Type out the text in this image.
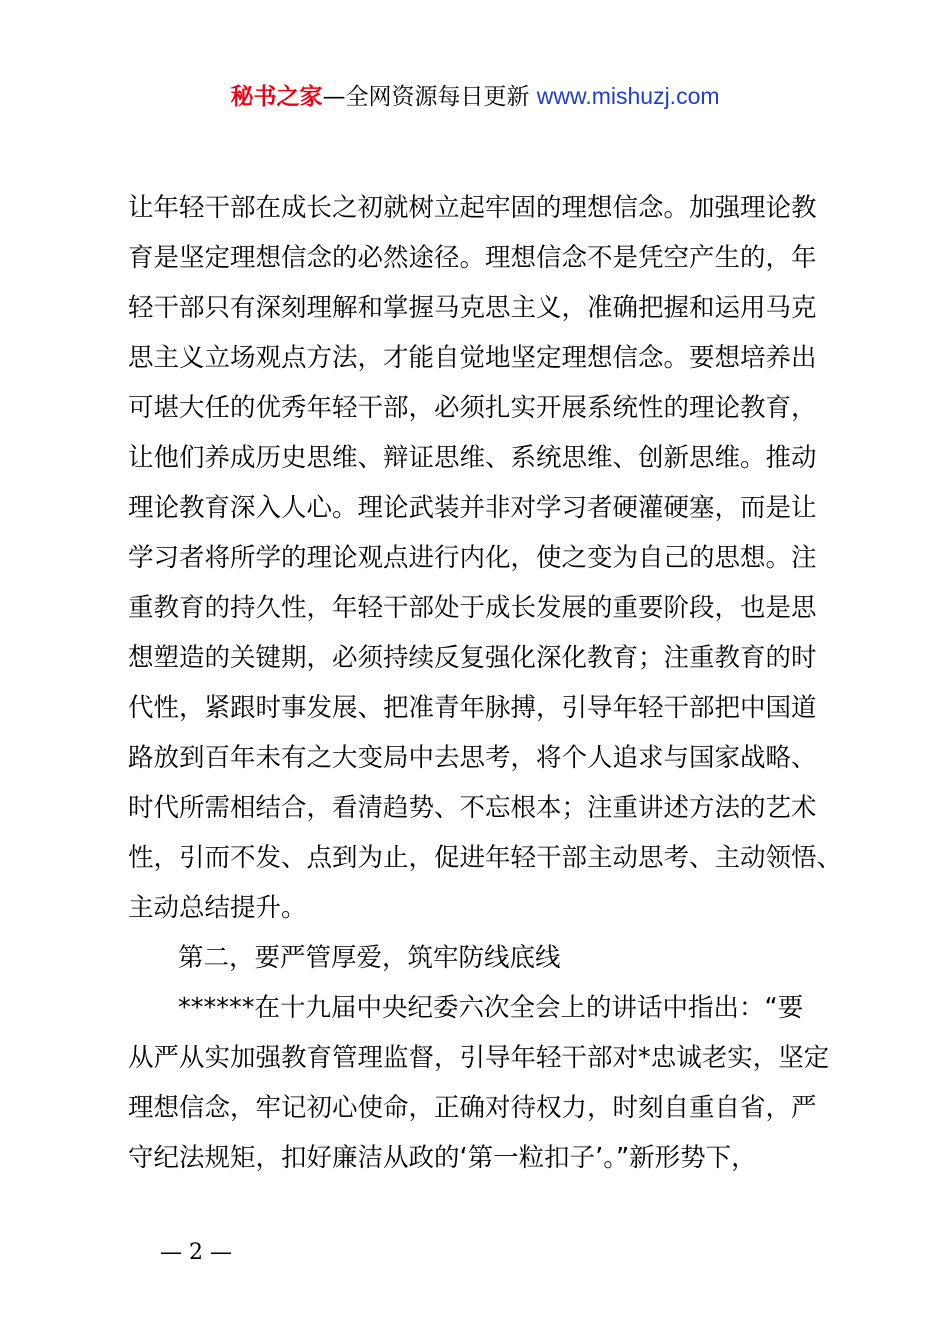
秘书之家—全网资源每日更新 www.mishuzj.com
让年轻干部在成长之初就树立起牢固的理想信念。加强理论教
育是坚定理想信念的必然途径。理想信念不是凭空产生的，年
轻干部只有深刻理解和掌握马克思主义，准确把握和运用马克
思主义立场观点方法，才能自觉地坚定理想信念。要想培养出
可堪大任的优秀年轻干部，必须扎实开展系统性的理论教育，
让他们养成历史思维、辩证思维、系统思维、创新思维。推动
理论教育深入人心。理论武装并非对学习者硬灌硬塞，而是让
学习者将所学的理论观点进行内化，使之变为自己的思想。注
重教育的持久性，年轻干部处于成长发展的重要阶段，也是思
想塑造的关键期，必须持续反复强化深化教育；注重教育的时
代性，紧跟时事发展、把准青年脉搏，引导年轻干部把中国道
路放到百年未有之大变局中去思考，将个人追求与国家战略、
时代所需相结合，看清趋势、不忘根本；注重讲述方法的艺术
性，引而不发、点到为止，促进年轻干部主动思考、主动领悟、
主动总结提升。
第二，要严管厚爱，筑牢防线底线
******在十九届中央纪委六次全会上的讲话中指出：“要
从严从实加强教育管理监督，引导年轻干部对*忠诚老实，坚定
理想信念，牢记初心使命，正确对待权力，时刻自重自省，严
守纪法规矩，扣好廉洁从政的‘第一粒扣子’。”新形势下，
— 2 —
